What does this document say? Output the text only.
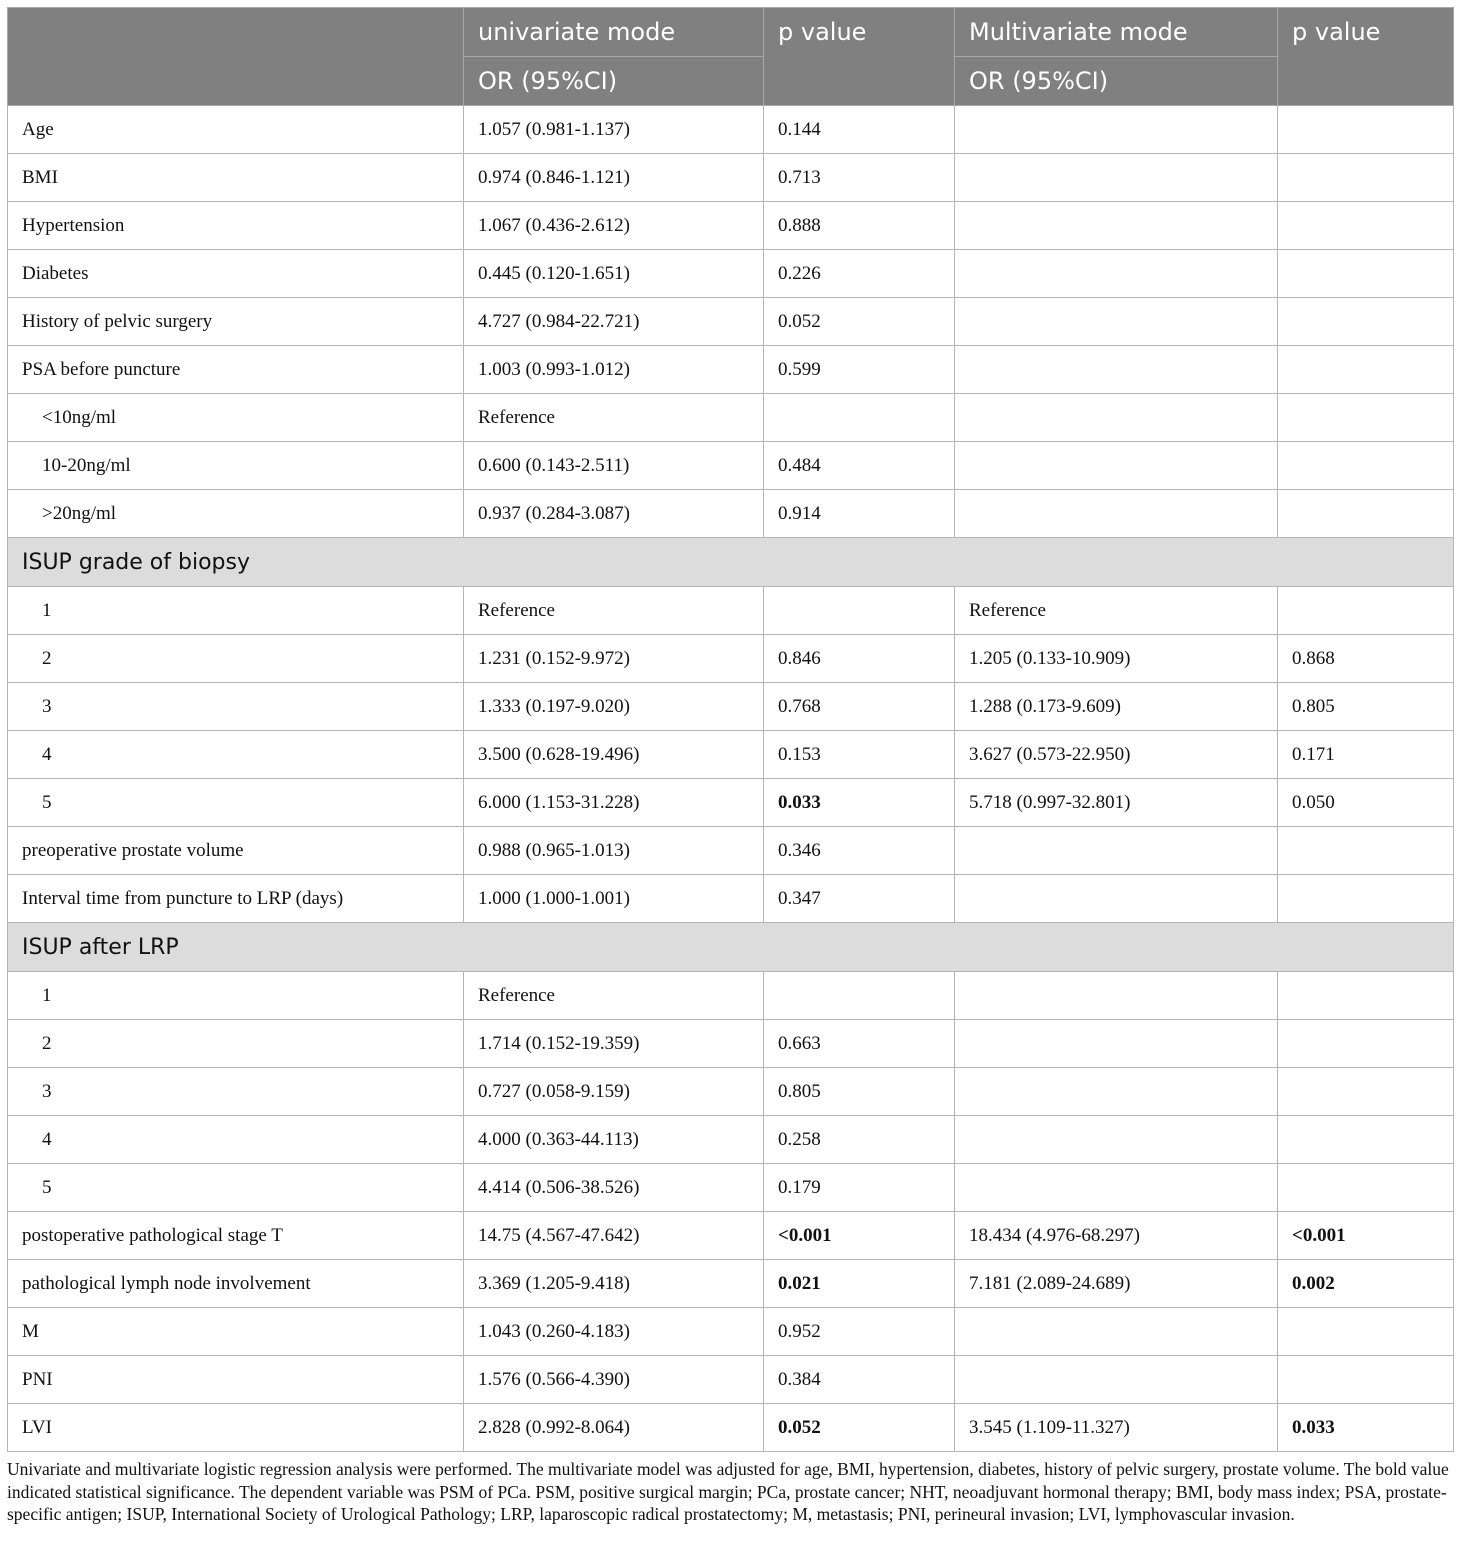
	univariate mode	p value	Multivariate mode	p value
	OR (95%CI)		OR (95%CI)	
Age	1.057 (0.981-1.137)	0.144		
BMI	0.974 (0.846-1.121)	0.713		
Hypertension	1.067 (0.436-2.612)	0.888		
Diabetes	0.445 (0.120-1.651)	0.226		
History of pelvic surgery	4.727 (0.984-22.721)	0.052		
PSA before puncture	1.003 (0.993-1.012)	0.599		
<10ng/ml	Reference			
10-20ng/ml	0.600 (0.143-2.511)	0.484		
>20ng/ml	0.937 (0.284-3.087)	0.914		
ISUP grade of biopsy				
1	Reference		Reference	
2	1.231 (0.152-9.972)	0.846	1.205 (0.133-10.909)	0.868
3	1.333 (0.197-9.020)	0.768	1.288 (0.173-9.609)	0.805
4	3.500 (0.628-19.496)	0.153	3.627 (0.573-22.950)	0.171
5	6.000 (1.153-31.228)	0.033	5.718 (0.997-32.801)	0.050
preoperative prostate volume	0.988 (0.965-1.013)	0.346		
Interval time from puncture to LRP (days)	1.000 (1.000-1.001)	0.347		
ISUP after LRP				
1	Reference			
2	1.714 (0.152-19.359)	0.663		
3	0.727 (0.058-9.159)	0.805		
4	4.000 (0.363-44.113)	0.258		
5	4.414 (0.506-38.526)	0.179		
postoperative pathological stage T	14.75 (4.567-47.642)	<0.001	18.434 (4.976-68.297)	<0.001
pathological lymph node involvement	3.369 (1.205-9.418)	0.021	7.181 (2.089-24.689)	0.002
M	1.043 (0.260-4.183)	0.952		
PNI	1.576 (0.566-4.390)	0.384		
LVI	2.828 (0.992-8.064)	0.052	3.545 (1.109-11.327)	0.033
Univariate and multivariate logistic regression analysis were performed. The multivariate model was adjusted for age, BMI, hypertension, diabetes, history of pelvic surgery, prostate volume. The bold value indicated statistical significance. The dependent variable was PSM of PCa. PSM, positive surgical margin; PCa, prostate cancer; NHT, neoadjuvant hormonal therapy; BMI, body mass index; PSA, prostate-specific antigen; ISUP, International Society of Urological Pathology; LRP, laparoscopic radical prostatectomy; M, metastasis; PNI, perineural invasion; LVI, lymphovascular invasion.
